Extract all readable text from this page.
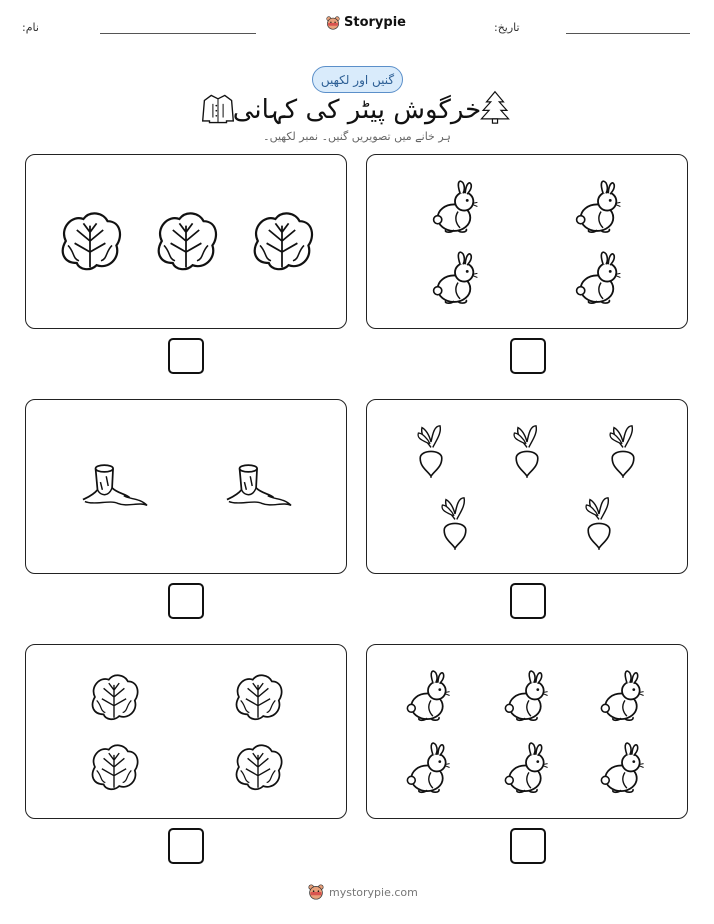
نام:	Storypie	تاریخ:
گنیں اور لکھیں
خرگوش پیٹر کی کہانی
ہر خانے میں تصویریں گنیں۔ نمبر لکھیں۔
mystorypie.com
